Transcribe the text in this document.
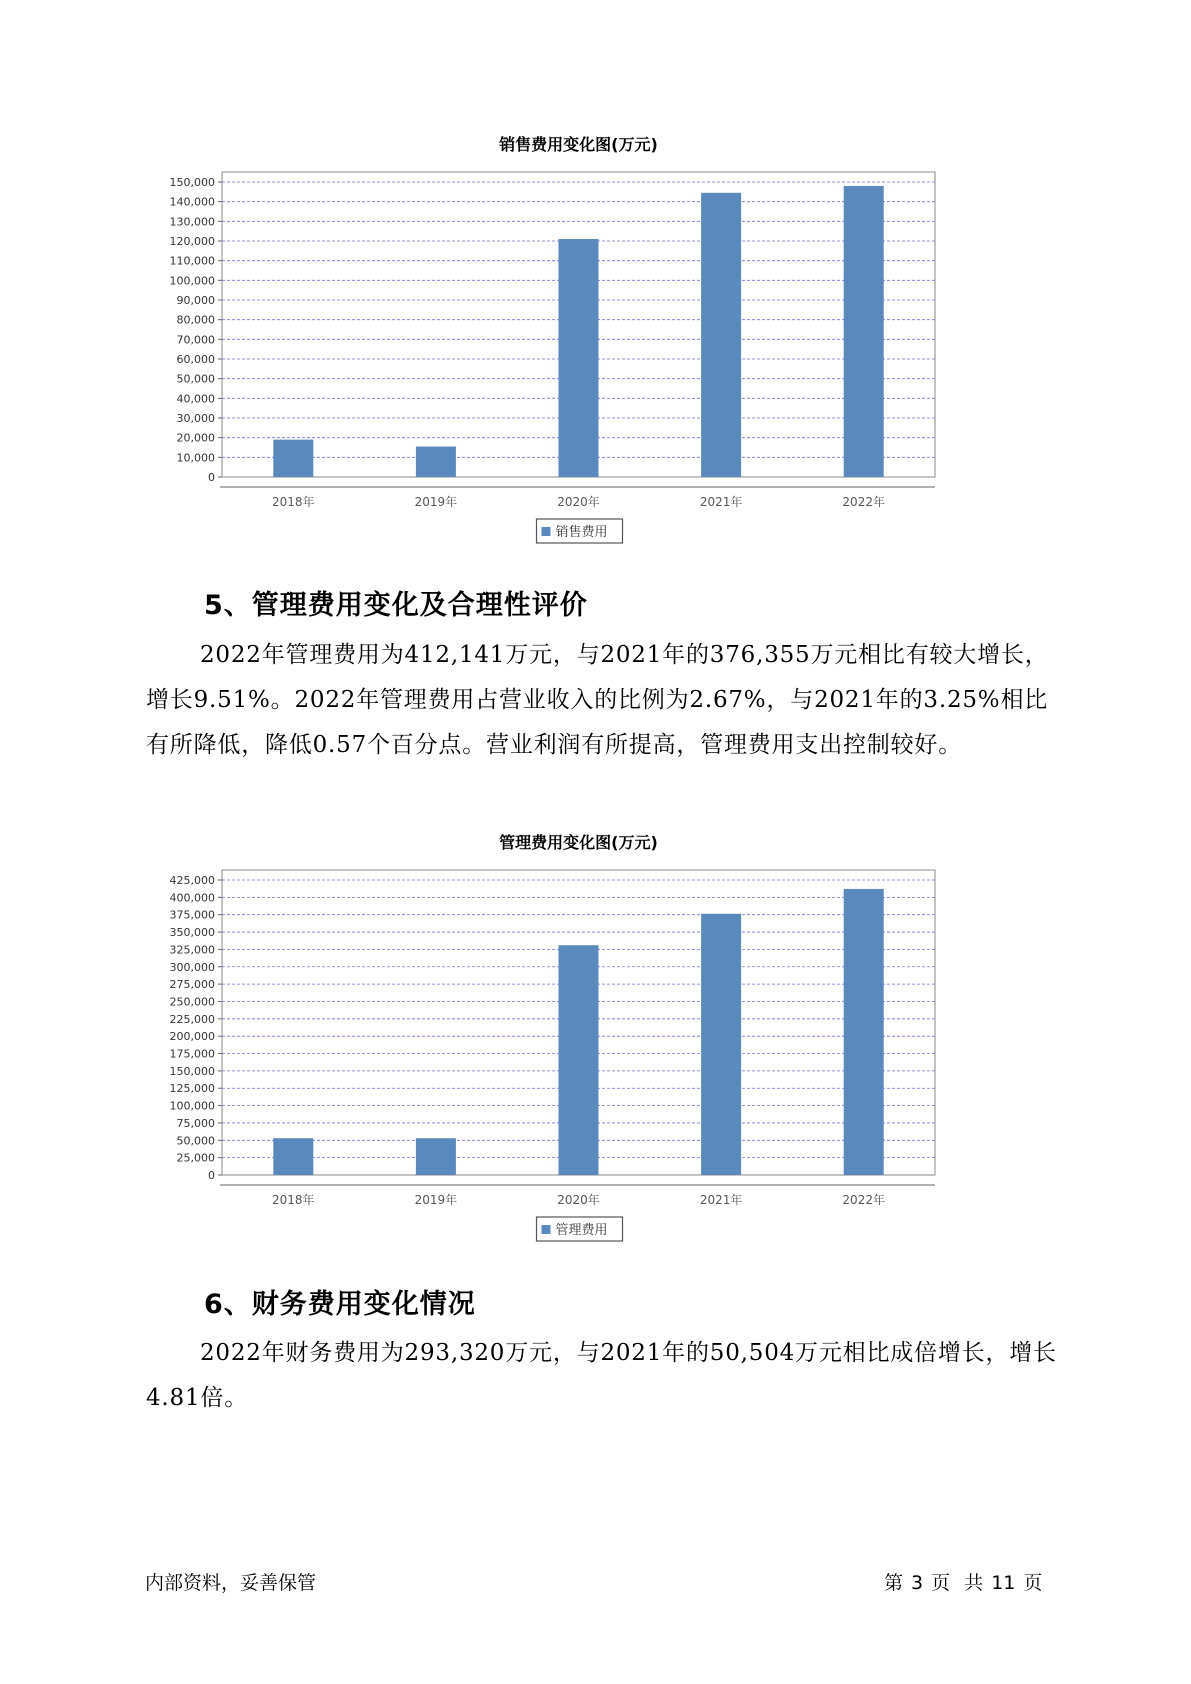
销售费用变化图(万元)
0
10,000
20,000
30,000
40,000
50,000
60,000
70,000
80,000
90,000
100,000
110,000
120,000
130,000
140,000
150,000
2018年	2019年	2020年	2021年	2022年
销售费用
5、管理费用变化及合理性评价
2022年管理费用为412,141万元，与2021年的376,355万元相比有较大增长，增长9.51%。2022年管理费用占营业收入的比例为2.67%，与2021年的3.25%相比有所降低，降低0.57个百分点。营业利润有所提高，管理费用支出控制较好。
管理费用变化图(万元)
0
25,000
50,000
75,000
100,000
125,000
150,000
175,000
200,000
225,000
250,000
275,000
300,000
325,000
350,000
375,000
400,000
425,000
2018年	2019年	2020年	2021年	2022年
管理费用
6、财务费用变化情况
2022年财务费用为293,320万元，与2021年的50,504万元相比成倍增长，增长4.81倍。
内部资料，妥善保管	第 3 页 共 11 页
